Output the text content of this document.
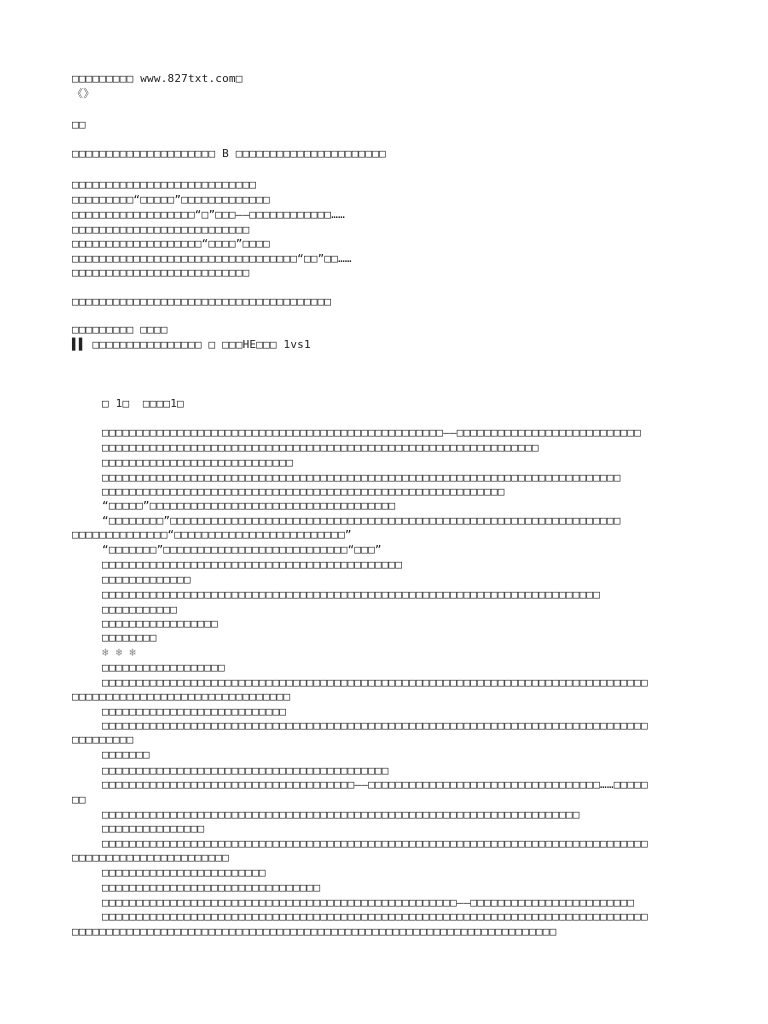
□□□□□□□□□ www.827txt.com□
《》
□□
□□□□□□□□□□□□□□□□□□□□□ B □□□□□□□□□□□□□□□□□□□□□□
□□□□□□□□□□□□□□□□□□□□□□□□□□□
□□□□□□□□□“□□□□□”□□□□□□□□□□□□□
□□□□□□□□□□□□□□□□□□“□”□□□——□□□□□□□□□□□□……
□□□□□□□□□□□□□□□□□□□□□□□□□□
□□□□□□□□□□□□□□□□□□□“□□□□”□□□□
□□□□□□□□□□□□□□□□□□□□□□□□□□□□□□□□□“□□”□□……
□□□□□□□□□□□□□□□□□□□□□□□□□□
□□□□□□□□□□□□□□□□□□□□□□□□□□□□□□□□□□□□□□
□□□□□□□□□ □□□□
▌▌ □□□□□□□□□□□□□□□□ □ □□□HE□□□ 1vs1
□ 1□  □□□□1□
□□□□□□□□□□□□□□□□□□□□□□□□□□□□□□□□□□□□□□□□□□□□□□□□□□——□□□□□□□□□□□□□□□□□□□□□□□□□□□
□□□□□□□□□□□□□□□□□□□□□□□□□□□□□□□□□□□□□□□□□□□□□□□□□□□□□□□□□□□□□□□□
□□□□□□□□□□□□□□□□□□□□□□□□□□□□
□□□□□□□□□□□□□□□□□□□□□□□□□□□□□□□□□□□□□□□□□□□□□□□□□□□□□□□□□□□□□□□□□□□□□□□□□□□□
□□□□□□□□□□□□□□□□□□□□□□□□□□□□□□□□□□□□□□□□□□□□□□□□□□□□□□□□□□□
“□□□□□”□□□□□□□□□□□□□□□□□□□□□□□□□□□□□□□□□□□□
“□□□□□□□□”□□□□□□□□□□□□□□□□□□□□□□□□□□□□□□□□□□□□□□□□□□□□□□□□□□□□□□□□□□□□□□□□□□
□□□□□□□□□□□□□□“□□□□□□□□□□□□□□□□□□□□□□□□□”
“□□□□□□□”□□□□□□□□□□□□□□□□□□□□□□□□□□□“□□□”
□□□□□□□□□□□□□□□□□□□□□□□□□□□□□□□□□□□□□□□□□□□□
□□□□□□□□□□□□□
□□□□□□□□□□□□□□□□□□□□□□□□□□□□□□□□□□□□□□□□□□□□□□□□□□□□□□□□□□□□□□□□□□□□□□□□□
□□□□□□□□□□□
□□□□□□□□□□□□□□□□□
□□□□□□□□
❄ ❄ ❄
□□□□□□□□□□□□□□□□□□
□□□□□□□□□□□□□□□□□□□□□□□□□□□□□□□□□□□□□□□□□□□□□□□□□□□□□□□□□□□□□□□□□□□□□□□□□□□□□□□□
□□□□□□□□□□□□□□□□□□□□□□□□□□□□□□□□
□□□□□□□□□□□□□□□□□□□□□□□□□□□
□□□□□□□□□□□□□□□□□□□□□□□□□□□□□□□□□□□□□□□□□□□□□□□□□□□□□□□□□□□□□□□□□□□□□□□□□□□□□□□□
□□□□□□□□□
□□□□□□□
□□□□□□□□□□□□□□□□□□□□□□□□□□□□□□□□□□□□□□□□□□
□□□□□□□□□□□□□□□□□□□□□□□□□□□□□□□□□□□□□——□□□□□□□□□□□□□□□□□□□□□□□□□□□□□□□□□□……□□□□□
□□
□□□□□□□□□□□□□□□□□□□□□□□□□□□□□□□□□□□□□□□□□□□□□□□□□□□□□□□□□□□□□□□□□□□□□□
□□□□□□□□□□□□□□□
□□□□□□□□□□□□□□□□□□□□□□□□□□□□□□□□□□□□□□□□□□□□□□□□□□□□□□□□□□□□□□□□□□□□□□□□□□□□□□□□
□□□□□□□□□□□□□□□□□□□□□□□
□□□□□□□□□□□□□□□□□□□□□□□□
□□□□□□□□□□□□□□□□□□□□□□□□□□□□□□□□
□□□□□□□□□□□□□□□□□□□□□□□□□□□□□□□□□□□□□□□□□□□□□□□□□□□□——□□□□□□□□□□□□□□□□□□□□□□□□
□□□□□□□□□□□□□□□□□□□□□□□□□□□□□□□□□□□□□□□□□□□□□□□□□□□□□□□□□□□□□□□□□□□□□□□□□□□□□□□□
□□□□□□□□□□□□□□□□□□□□□□□□□□□□□□□□□□□□□□□□□□□□□□□□□□□□□□□□□□□□□□□□□□□□□□□
